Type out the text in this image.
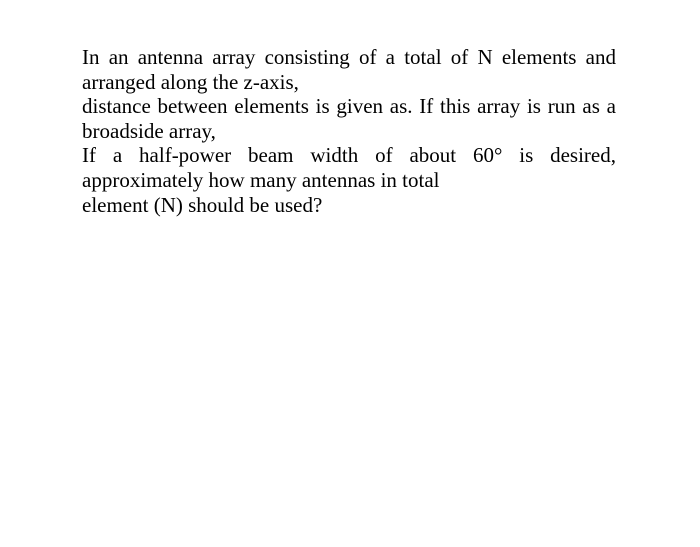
In an antenna array consisting of a total of N elements and
arranged along the z-axis,
distance between elements is given as. If this array is run as a
broadside array,
If a half-power beam width of about 60° is desired,
approximately how many antennas in total
element (N) should be used?
